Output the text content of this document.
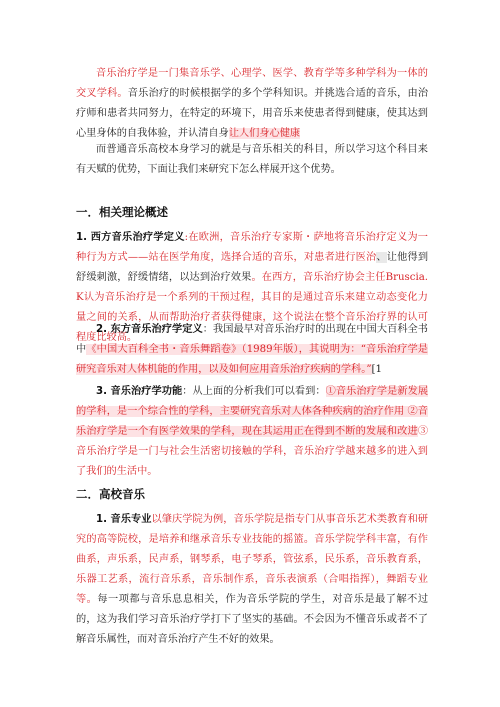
音乐治疗学是一门集音乐学、心理学、医学、教育学等多种学科为一体的交叉学科。音乐治疗的时候根据学的多个学科知识。并挑选合适的音乐，由治疗师和患者共同努力，在特定的环境下，用音乐来使患者得到健康，使其达到心里身体的自我体验，并认清自身让人们身心健康

而普通音乐高校本身学习的就是与音乐相关的科目，所以学习这个科目来有天赋的优势，下面让我们来研究下怎么样展开这个优势。

一．相关理论概述

1. 西方音乐治疗学定义:在欧洲，音乐治疗专家斯・萨地将音乐治疗定义为一种行为方式——站在医学角度，选择合适的音乐，对患者进行医治、让他得到舒缓刺激，舒缓情绪，以达到治疗效果。在西方，音乐治疗协会主任Bruscia.K认为音乐治疗是一个系列的干预过程，其目的是通过音乐来建立动态变化力量之间的关系，从而帮助治疗者获得健康，这个说法在整个音乐治疗界的认可程度比较高。

2. 东方音乐治疗学定义：我国最早对音乐治疗时的出现在中国大百科全书中《中国大百科全书・音乐舞蹈卷》（1989年版），其说明为：“音乐治疗学是研究音乐对人体机能的作用，以及如何应用音乐治疗疾病的学科。”[1

3. 音乐治疗学功能：从上面的分析我们可以看到：①音乐治疗学是新发展的学科，是一个综合性的学科，主要研究音乐对人体各种疾病的治疗作用 ②音乐治疗学是一个有医学效果的学科，现在其运用正在得到不断的发展和改进③音乐治疗学是一门与社会生活密切接触的学科，音乐治疗学越来越多的进入到了我们的生活中。

二．高校音乐

1. 音乐专业以肇庆学院为例，音乐学院是指专门从事音乐艺术类教育和研究的高等院校，是培养和继承音乐专业技能的摇篮。音乐学院学科丰富，有作曲系，声乐系，民声系，钢琴系，电子琴系，管弦系，民乐系，音乐教育系，乐器工艺系，流行音乐系，音乐制作系，音乐表演系（合唱指挥），舞蹈专业等。每一项都与音乐息息相关，作为音乐学院的学生，对音乐是最了解不过的，这为我们学习音乐治疗学打下了坚实的基础。不会因为不懂音乐或者不了解音乐属性，而对音乐治疗产生不好的效果。
